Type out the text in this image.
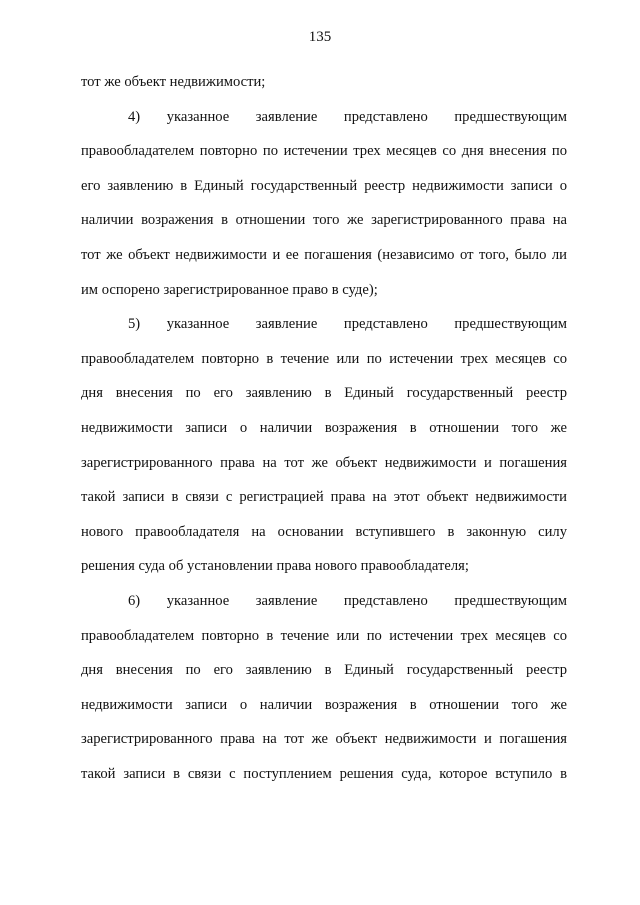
135
тот же объект недвижимости;
4) указанное заявление представлено предшествующим
правообладателем повторно по истечении трех месяцев со дня внесения по
его заявлению в Единый государственный реестр недвижимости записи о
наличии возражения в отношении того же зарегистрированного права на
тот же объект недвижимости и ее погашения (независимо от того, было ли
им оспорено зарегистрированное право в суде);
5) указанное заявление представлено предшествующим
правообладателем повторно в течение или по истечении трех месяцев со
дня внесения по его заявлению в Единый государственный реестр
недвижимости записи о наличии возражения в отношении того же
зарегистрированного права на тот же объект недвижимости и погашения
такой записи в связи с регистрацией права на этот объект недвижимости
нового правообладателя на основании вступившего в законную силу
решения суда об установлении права нового правообладателя;
6) указанное заявление представлено предшествующим
правообладателем повторно в течение или по истечении трех месяцев со
дня внесения по его заявлению в Единый государственный реестр
недвижимости записи о наличии возражения в отношении того же
зарегистрированного права на тот же объект недвижимости и погашения
такой записи в связи с поступлением решения суда, которое вступило в
